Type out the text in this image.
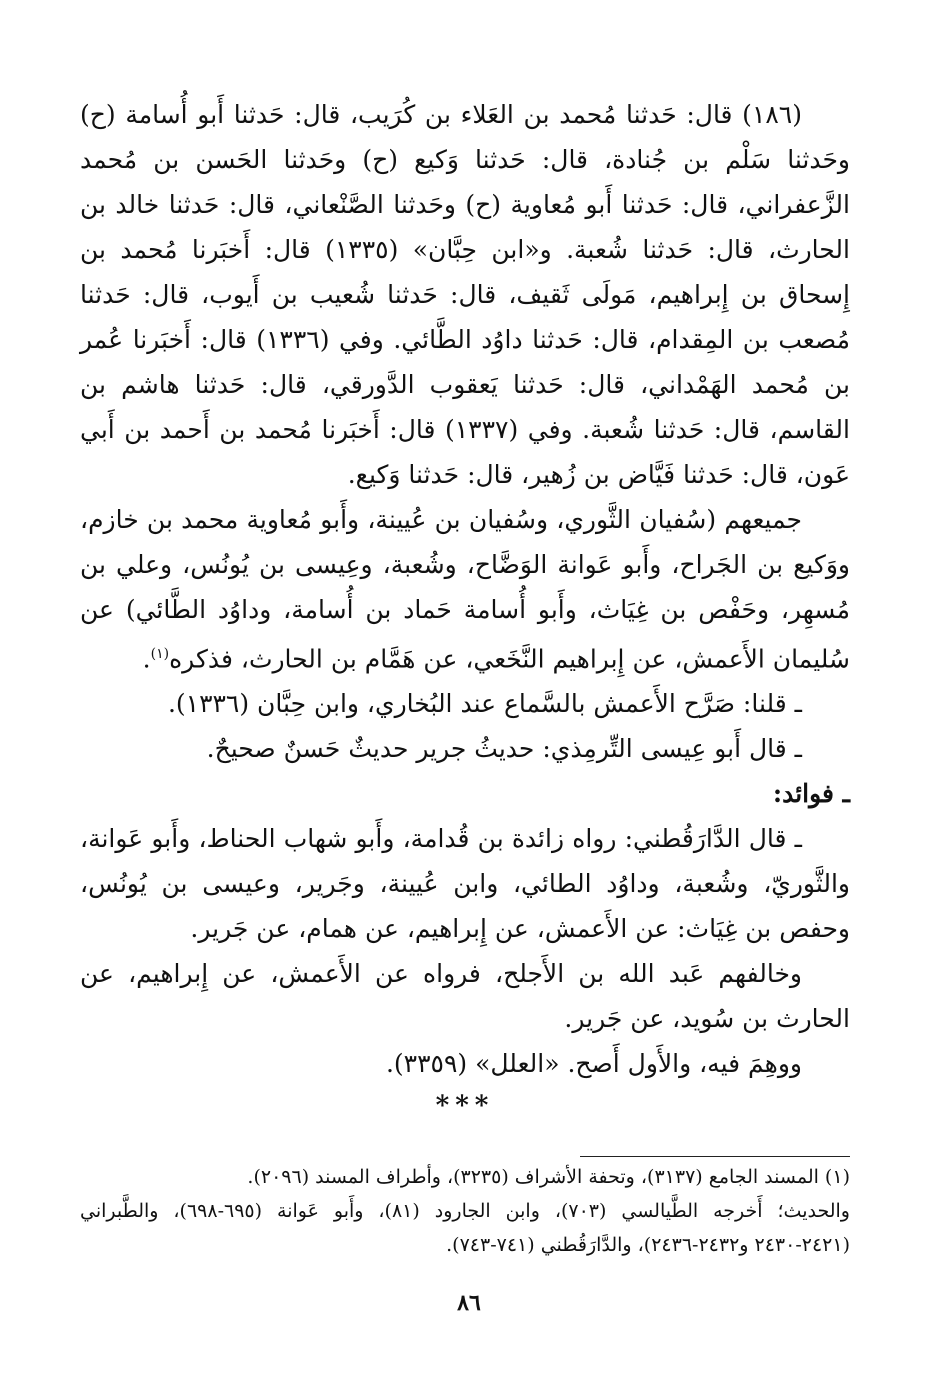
(١٨٦) قال: حَدثنا مُحمد بن العَلاء بن كُرَيب، قال: حَدثنا أَبو أُسامة (ح) وحَدثنا سَلْم بن جُنادة، قال: حَدثنا وَكيع (ح) وحَدثنا الحَسن بن مُحمد الزَّعفراني، قال: حَدثنا أَبو مُعاوية (ح) وحَدثنا الصَّنْعاني، قال: حَدثنا خالد بن الحارث، قال: حَدثنا شُعبة. و«ابن حِبَّان» (١٣٣٥) قال: أَخبَرنا مُحمد بن إِسحاق بن إِبراهيم، مَولَى ثَقيف، قال: حَدثنا شُعيب بن أَيوب، قال: حَدثنا مُصعب بن المِقدام، قال: حَدثنا داوُد الطَّائي. وفي (١٣٣٦) قال: أَخبَرنا عُمر بن مُحمد الهَمْداني، قال: حَدثنا يَعقوب الدَّورقي، قال: حَدثنا هاشم بن القاسم، قال: حَدثنا شُعبة. وفي (١٣٣٧) قال: أَخبَرنا مُحمد بن أَحمد بن أَبي عَون، قال: حَدثنا فَيَّاض بن زُهير، قال: حَدثنا وَكيع.

جميعهم (سُفيان الثَّوري، وسُفيان بن عُيينة، وأَبو مُعاوية محمد بن خازم، ووَكيع بن الجَراح، وأَبو عَوانة الوَضَّاح، وشُعبة، وعِيسى بن يُونُس، وعلي بن مُسهِر، وحَفْص بن غِيَاث، وأَبو أُسامة حَماد بن أُسامة، وداوُد الطَّائي) عن سُليمان الأَعمش، عن إِبراهيم النَّخَعي، عن هَمَّام بن الحارث، فذكره$^{(١)}$.

ـ قلنا: صَرَّح الأَعمش بالسَّماع عند البُخاري، وابن حِبَّان (١٣٣٦).

ـ قال أَبو عِيسى التِّرمِذي: حديثُ جرير حديثٌ حَسنٌ صحيحٌ.

ـ فوائد:

ـ قال الدَّارَقُطني: رواه زائدة بن قُدامة، وأَبو شهاب الحناط، وأَبو عَوانة، والثَّوريّ، وشُعبة، وداوُد الطائي، وابن عُيينة، وجَرير، وعيسى بن يُونُس، وحفص بن غِيَاث: عن الأَعمش، عن إِبراهيم، عن همام، عن جَرير.

وخالفهم عَبد الله بن الأَجلح، فرواه عن الأَعمش، عن إِبراهيم، عن الحارث بن سُويد، عن جَرير.

ووهِمَ فيه، والأَول أَصح. «العلل» (٣٣٥٩).

***

(١) المسند الجامع (٣١٣٧)، وتحفة الأشراف (٣٢٣٥)، وأطراف المسند (٢٠٩٦).

والحديث؛ أَخرجه الطَّيالسي (٧٠٣)، وابن الجارود (٨١)، وأَبو عَوانة (٦٩٥-٦٩٨)، والطَّبراني (٢٤٢١-٢٤٣٠ و٢٤٣٢-٢٤٣٦)، والدَّارَقُطني (٧٤١-٧٤٣).

٨٦
